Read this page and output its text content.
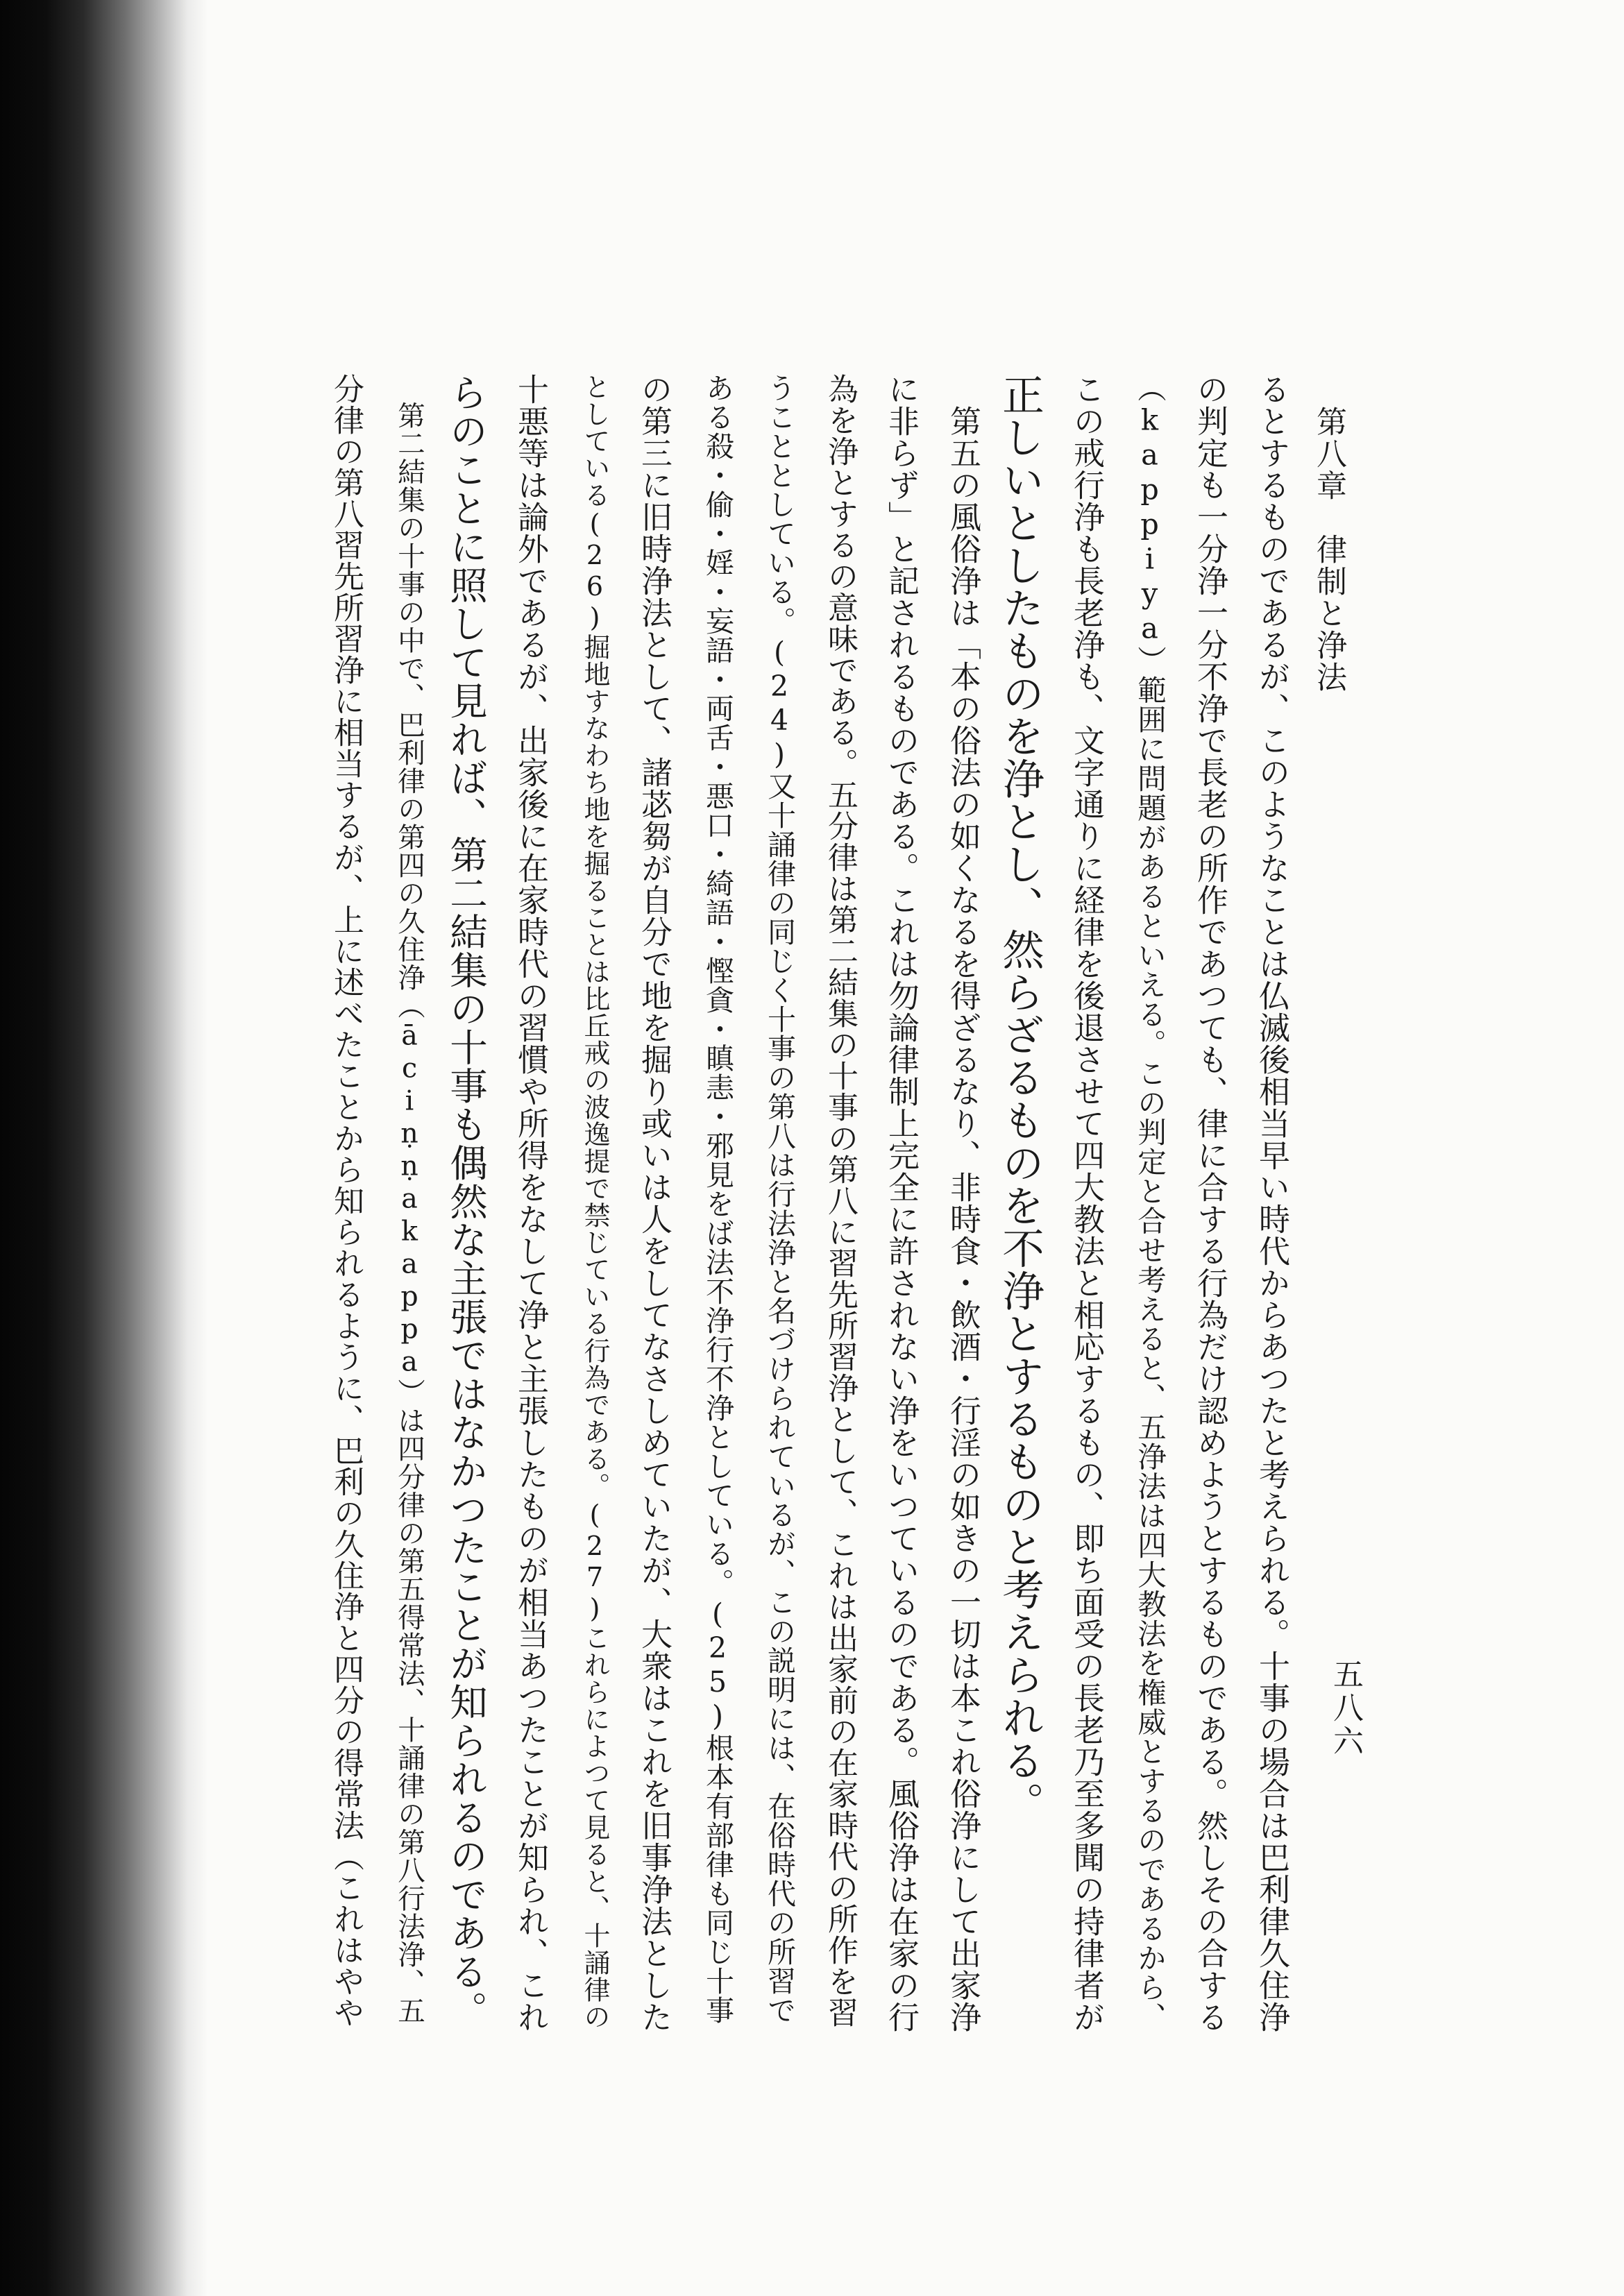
第八章　律制と浄法
五八六
るとするものであるが、このようなことは仏滅後相当早い時代からあつたと考えられる。十事の場合は巴利律久住浄
の判定も一分浄一分不浄で長老の所作であつても、律に合する行為だけ認めようとするものである。然しその合する
（kappiya）範囲に問題があるといえる。この判定と合せ考えると、五浄法は四大教法を権威とするのであるから、
この戒行浄も長老浄も、文字通りに経律を後退させて四大教法と相応するもの、即ち面受の長老乃至多聞の持律者が
正しいとしたものを浄とし、然らざるものを不浄とするものと考えられる。
　第五の風俗浄は「本の俗法の如くなるを得ざるなり、非時食・飲酒・行淫の如きの一切は本これ俗浄にして出家浄
に非らず」と記されるものである。これは勿論律制上完全に許されない浄をいつているのである。風俗浄は在家の行
為を浄とするの意味である。五分律は第二結集の十事の第八に習先所習浄として、これは出家前の在家時代の所作を習
うこととしている。(24)又十誦律の同じく十事の第八は行法浄と名づけられているが、この説明には、在俗時代の所習で
ある殺・偷・婬・妄語・両舌・悪口・綺語・慳貪・瞋恚・邪見をば法不浄行不浄としている。(25)根本有部律も同じ十事
の第三に旧時浄法として、諸苾芻が自分で地を掘り或いは人をしてなさしめていたが、大衆はこれを旧事浄法とした
としている(26)掘地すなわち地を掘ることは比丘戒の波逸提で禁じている行為である。(27)これらによつて見ると、十誦律の
十悪等は論外であるが、出家後に在家時代の習慣や所得をなして浄と主張したものが相当あつたことが知られ、これ
らのことに照して見れば、第二結集の十事も偶然な主張ではなかつたことが知られるのである。
　第二結集の十事の中で、巴利律の第四の久住浄（āciṇṇakappa）は四分律の第五得常法、十誦律の第八行法浄、五
分律の第八習先所習浄に相当するが、上に述べたことから知られるように、巴利の久住浄と四分の得常法（これはやや
